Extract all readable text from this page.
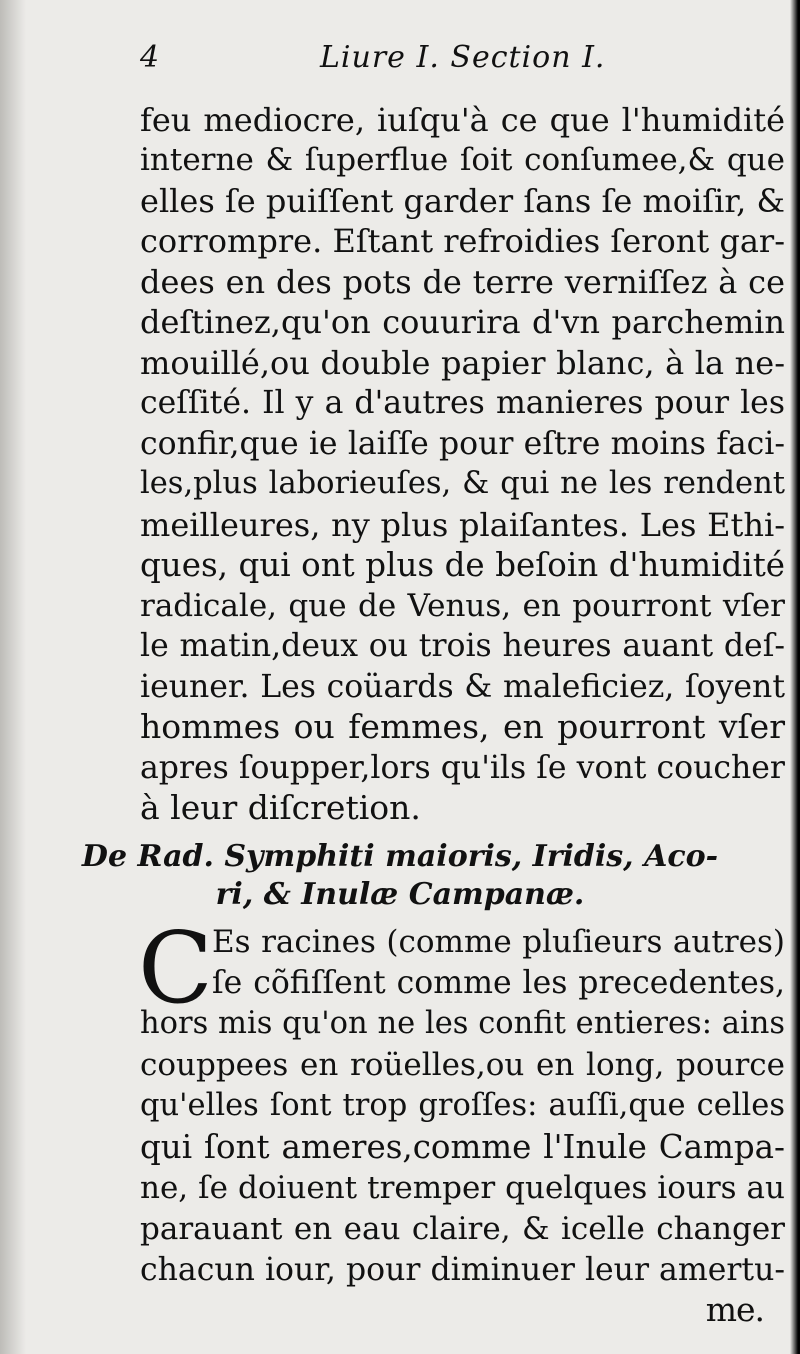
4	Liure I. Section I.
feu mediocre, iuſqu'à ce que l'humidité
interne & ſuperflue ſoit conſumee,& que
elles ſe puiſſent garder ſans ſe moiſir, &
corrompre. Eſtant refroidies ſeront gar-
dees en des pots de terre verniſſez à ce
deſtinez,qu'on couurira d'vn parchemin
mouillé,ou double papier blanc, à la ne-
ceſſité. Il y a d'autres manieres pour les
confir,que ie laiſſe pour eſtre moins faci-
les,plus laborieuſes, & qui ne les rendent
meilleures, ny plus plaiſantes. Les Ethi-
ques, qui ont plus de beſoin d'humidité
radicale, que de Venus, en pourront vſer
le matin,deux ou trois heures auant deſ-
ieuner. Les coüards & maleficiez, ſoyent
hommes ou femmes, en pourront vſer
apres ſoupper,lors qu'ils ſe vont coucher
à leur diſcretion.
De Rad. Symphiti maioris, Iridis, Aco-
ri, & Inulæ Campanæ.
C Es racines (comme pluſieurs autres)
ſe cõfiſſent comme les precedentes,
hors mis qu'on ne les confit entieres: ains
couppees en roüelles,ou en long, pource
qu'elles ſont trop groſſes: auſſi,que celles
qui ſont ameres,comme l'Inule Campa-
ne, ſe doiuent tremper quelques iours au
parauant en eau claire, & icelle changer
chacun iour, pour diminuer leur amertu-
me.
